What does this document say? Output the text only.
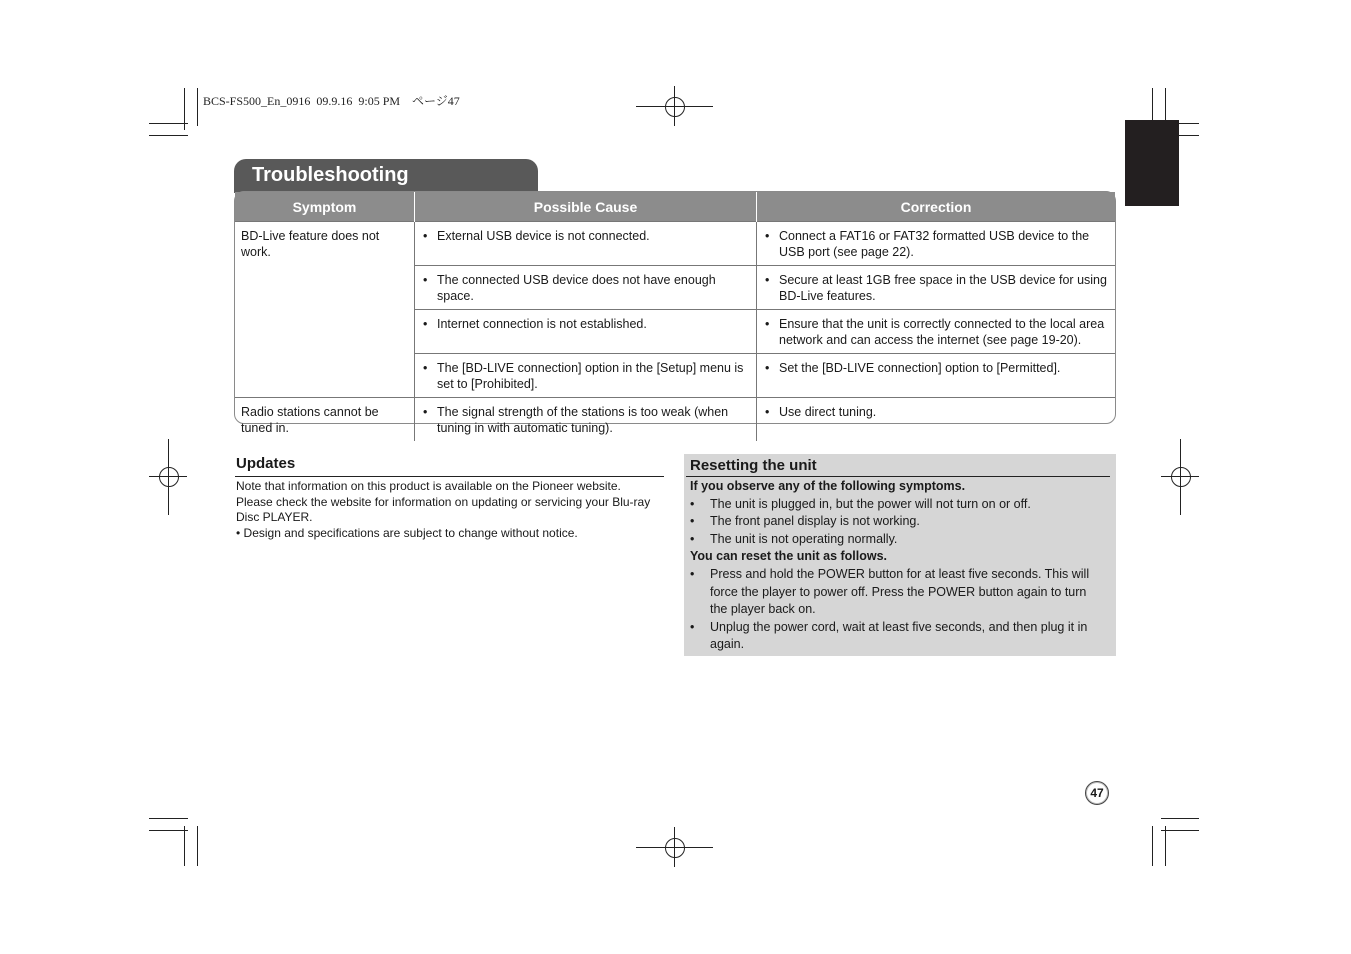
BCS-FS500_En_0916  09.9.16  9:05 PM    ページ47
Troubleshooting
Symptom	Possible Cause	Correction
BD-Live feature does not work.	• External USB device is not connected.	• Connect a FAT16 or FAT32 formatted USB device to the USB port (see page 22).

	• The connected USB device does not have enough space.	• Secure at least 1GB free space in the USB device for using BD-Live features.

	• Internet connection is not established.	• Ensure that the unit is correctly connected to the local area network and can access the internet (see page 19-20).

	• The [BD-LIVE connection] option in the [Setup] menu is set to [Prohibited].	• Set the [BD-LIVE connection] option to [Permitted].

Radio stations cannot be tuned in.	• The signal strength of the stations is too weak (when tuning in with automatic tuning).	• Use direct tuning.
Updates
Note that information on this product is available on the Pioneer website.
Please check the website for information on updating or servicing your Blu-ray Disc PLAYER.
• Design and specifications are subject to change without notice.
Resetting the unit
If you observe any of the following symptoms.
•	The unit is plugged in, but the power will not turn on or off.
•	The front panel display is not working.
•	The unit is not operating normally.
You can reset the unit as follows.
•	Press and hold the POWER button for at least five seconds. This will force the player to power off. Press the POWER button again to turn the player back on.
•	Unplug the power cord, wait at least five seconds, and then plug it in again.
47
